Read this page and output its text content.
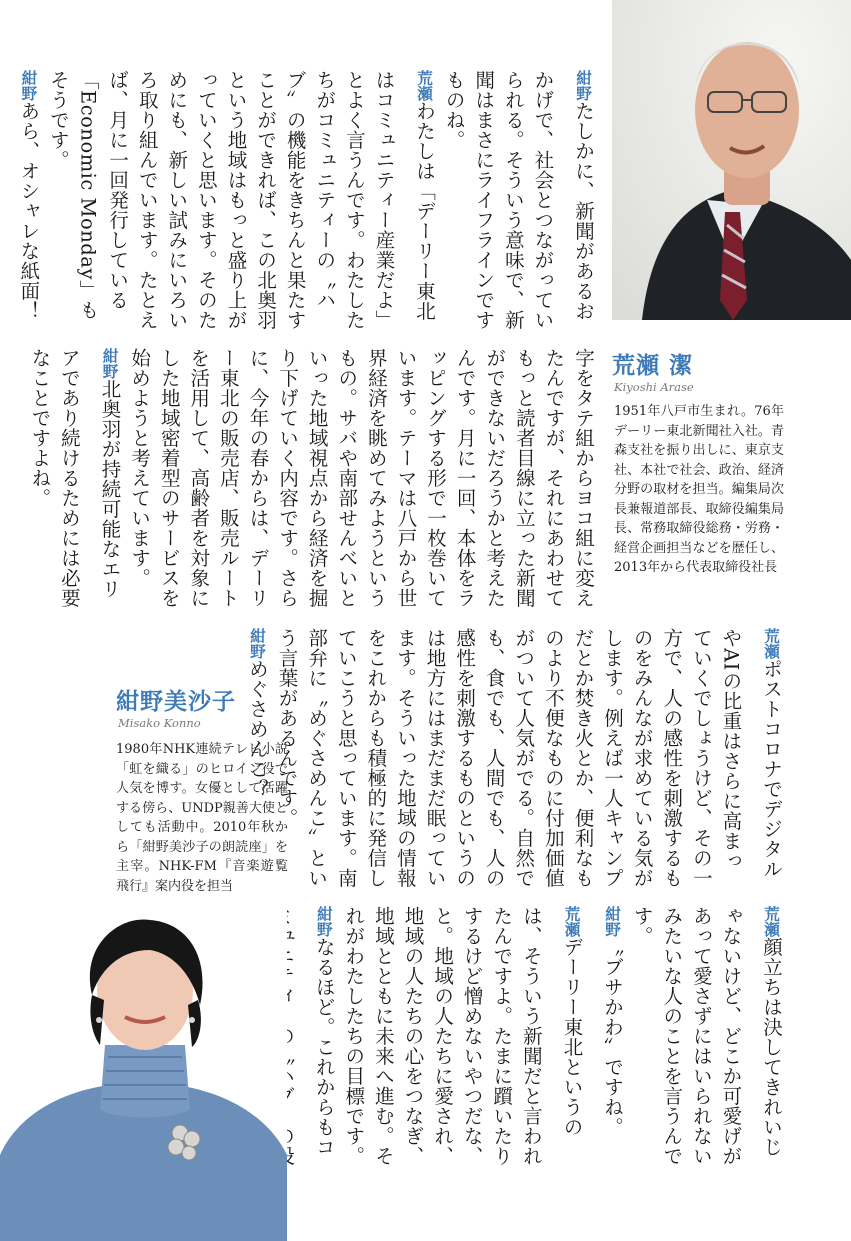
荒瀬 潔
Kiyoshi Arase
1951年八戸市生まれ。76年デーリー東北新聞社入社。青森支社を振り出しに、東京支社、本社で社会、政治、経済分野の取材を担当。編集局次長兼報道部長、取締役編集局長、常務取締役総務・労務・経営企画担当などを歴任し、2013年から代表取締役社長

紺野たしかに、新聞があるおかげで、社会とつながっていられる。そういう意味で、新聞はまさにライフラインですものね。

荒瀬わたしは「デーリー東北はコミュニティー産業だよ」とよく言うんです。わたしたちがコミュニティーの〝ハブ〟の機能をきちんと果たすことができれば、この北奥羽という地域はもっと盛り上がっていくと思います。そのためにも、新しい試みにいろいろ取り組んでいます。たとえば、月に一回発行している「Economic Monday」もそうです。

紺野あら、オシャレな紙面！

字をタテ組からヨコ組に変えたんですが、それにあわせてもっと読者目線に立った新聞ができないだろうかと考えたんです。月に一回、本体をラッピングする形で一枚巻いています。テーマは八戸から世界経済を眺めてみようというもの。サバや南部せんべいといった地域視点から経済を掘り下げていく内容です。さらに、今年の春からは、デーリー東北の販売店、販売ルートを活用して、高齢者を対象にした地域密着型のサービスを始めようと考えています。

紺野北奥羽が持続可能なエリアであり続けるためには必要なことですよね。

紺野美沙子
Misako Konno
1980年NHK連続テレビ小説「虹を織る」のヒロイン役で人気を博す。女優として活躍する傍ら、UNDP親善大使としても活動中。2010年秋から「紺野美沙子の朗読座」を主宰。NHK-FM『音楽遊覧飛行』案内役を担当

荒瀬ポストコロナでデジタルやAIの比重はさらに高まっていくでしょうけど、その一方で、人の感性を刺激するものをみんなが求めている気がします。例えば一人キャンプだとか焚き火とか、便利なものより不便なものに付加価値がついて人気がでる。自然でも、食でも、人間でも、人の感性を刺激するものというのは地方にはまだまだ眠っています。そういった地域の情報をこれからも積極的に発信していこうと思っています。南部弁に〝めぐさめんこ〟という言葉があるんです。

紺野めぐさめんこ？

荒瀬顔立ちは決してきれいじゃないけど、どこか可愛げがあって愛さずにはいられないみたいな人のことを言うんです。

紺野〝ブサかわ〟ですね。

荒瀬デーリー東北というのは、そういう新聞だと言われたんですよ。たまに躓いたりするけど憎めないやつだな、と。地域の人たちに愛され、地域の人たちの心をつなぎ、地域とともに未来へ進む。それがわたしたちの目標です。

紺野なるほど。これからもコ
